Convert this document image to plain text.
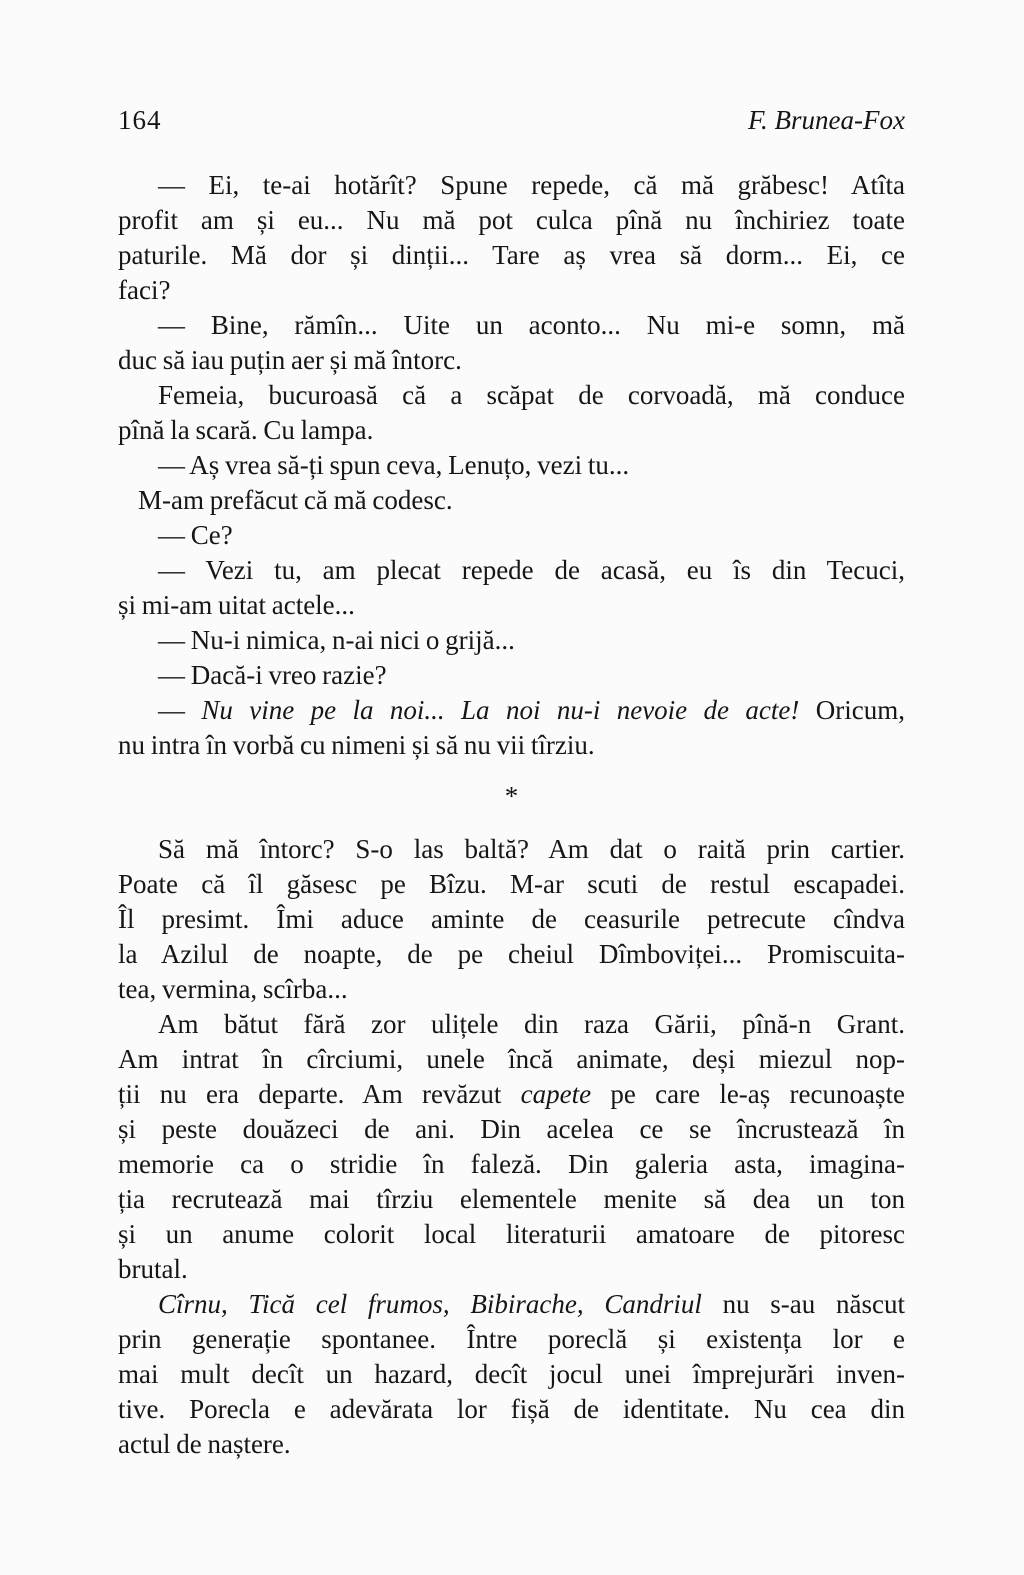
164	F. Brunea-Fox

— Ei, te-ai hotărît? Spune repede, că mă grăbesc! Atîta
profit am și eu... Nu mă pot culca pînă nu închiriez toate
paturile. Mă dor și dinții... Tare aș vrea să dorm... Ei, ce
faci?

— Bine, rămîn... Uite un aconto... Nu mi-e somn, mă
duc să iau puțin aer și mă întorc.

Femeia, bucuroasă că a scăpat de corvoadă, mă conduce
pînă la scară. Cu lampa.

— Aș vrea să-ți spun ceva, Lenuțo, vezi tu...

M-am prefăcut că mă codesc.

— Ce?

— Vezi tu, am plecat repede de acasă, eu îs din Tecuci,
și mi-am uitat actele...

— Nu-i nimica, n-ai nici o grijă...

— Dacă-i vreo razie?

— Nu vine pe la noi... La noi nu-i nevoie de acte! Oricum,
nu intra în vorbă cu nimeni și să nu vii tîrziu.

*

Să mă întorc? S-o las baltă? Am dat o raită prin cartier.
Poate că îl găsesc pe Bîzu. M-ar scuti de restul escapadei.
Îl presimt. Îmi aduce aminte de ceasurile petrecute cîndva
la Azilul de noapte, de pe cheiul Dîmboviței... Promiscuita-
tea, vermina, scîrba...

Am bătut fără zor ulițele din raza Gării, pînă-n Grant.
Am intrat în cîrciumi, unele încă animate, deși miezul nop-
ții nu era departe. Am revăzut capete pe care le-aș recunoaște
și peste douăzeci de ani. Din acelea ce se încrustează în
memorie ca o stridie în faleză. Din galeria asta, imagina-
ția recrutează mai tîrziu elementele menite să dea un ton
și un anume colorit local literaturii amatoare de pitoresc
brutal.

Cîrnu, Tică cel frumos, Bibirache, Candriul nu s-au născut
prin generație spontanee. Între poreclă și existența lor e
mai mult decît un hazard, decît jocul unei împrejurări inven-
tive. Porecla e adevărata lor fișă de identitate. Nu cea din
actul de naștere.
